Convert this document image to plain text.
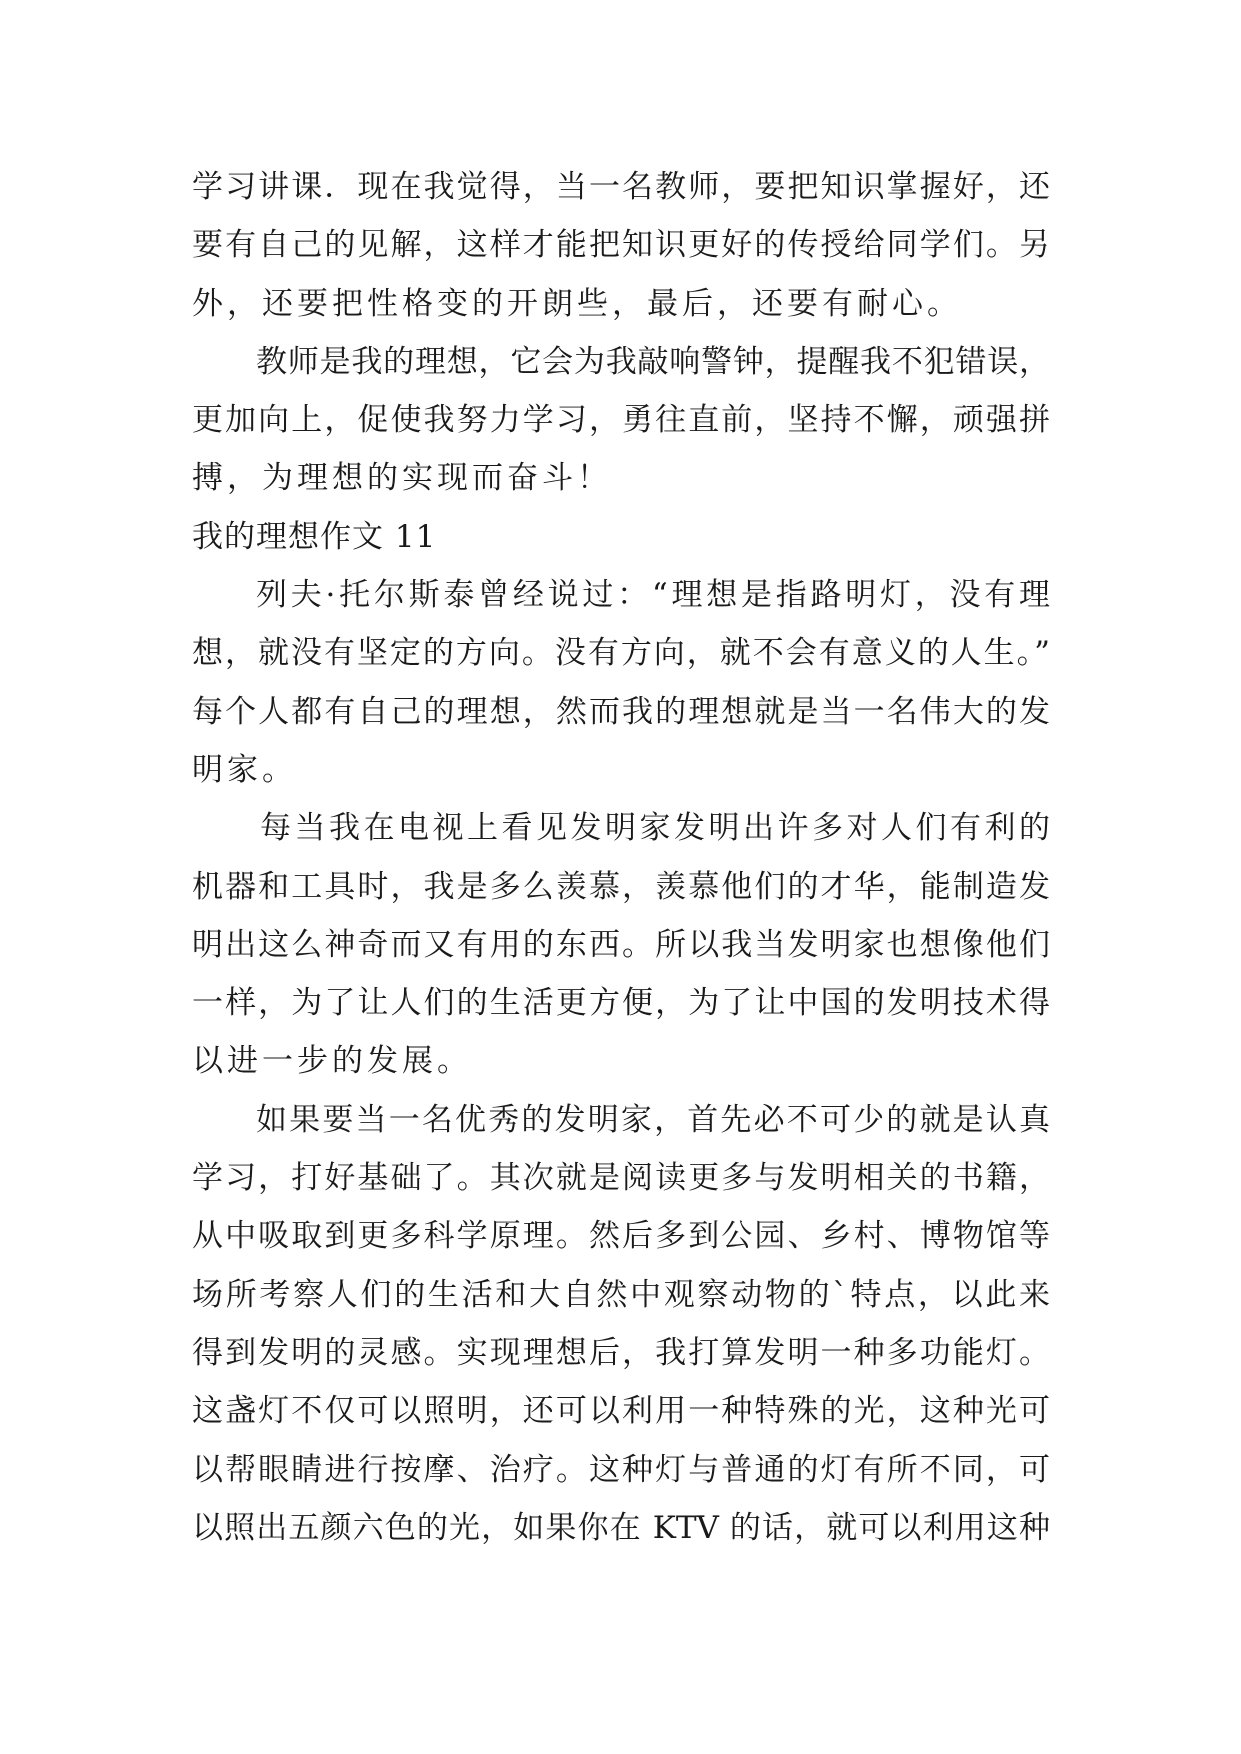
学习讲课．现在我觉得，当一名教师，要把知识掌握好，还
要有自己的见解，这样才能把知识更好的传授给同学们。另
外，还要把性格变的开朗些，最后，还要有耐心。
教师是我的理想，它会为我敲响警钟，提醒我不犯错误，
更加向上，促使我努力学习，勇往直前，坚持不懈，顽强拼
搏，为理想的实现而奋斗！
我的理想作文 11
列夫·托尔斯泰曾经说过：“理想是指路明灯，没有理
想，就没有坚定的方向。没有方向，就不会有意义的人生。”
每个人都有自己的理想，然而我的理想就是当一名伟大的发
明家。
每当我在电视上看见发明家发明出许多对人们有利的
机器和工具时，我是多么羡慕，羡慕他们的才华，能制造发
明出这么神奇而又有用的东西。所以我当发明家也想像他们
一样，为了让人们的生活更方便，为了让中国的发明技术得
以进一步的发展。
如果要当一名优秀的发明家，首先必不可少的就是认真
学习，打好基础了。其次就是阅读更多与发明相关的书籍，
从中吸取到更多科学原理。然后多到公园、乡村、博物馆等
场所考察人们的生活和大自然中观察动物的`特点，以此来
得到发明的灵感。实现理想后，我打算发明一种多功能灯。
这盏灯不仅可以照明，还可以利用一种特殊的光，这种光可
以帮眼睛进行按摩、治疗。这种灯与普通的灯有所不同，可
以照出五颜六色的光，如果你在 KTV 的话，就可以利用这种
